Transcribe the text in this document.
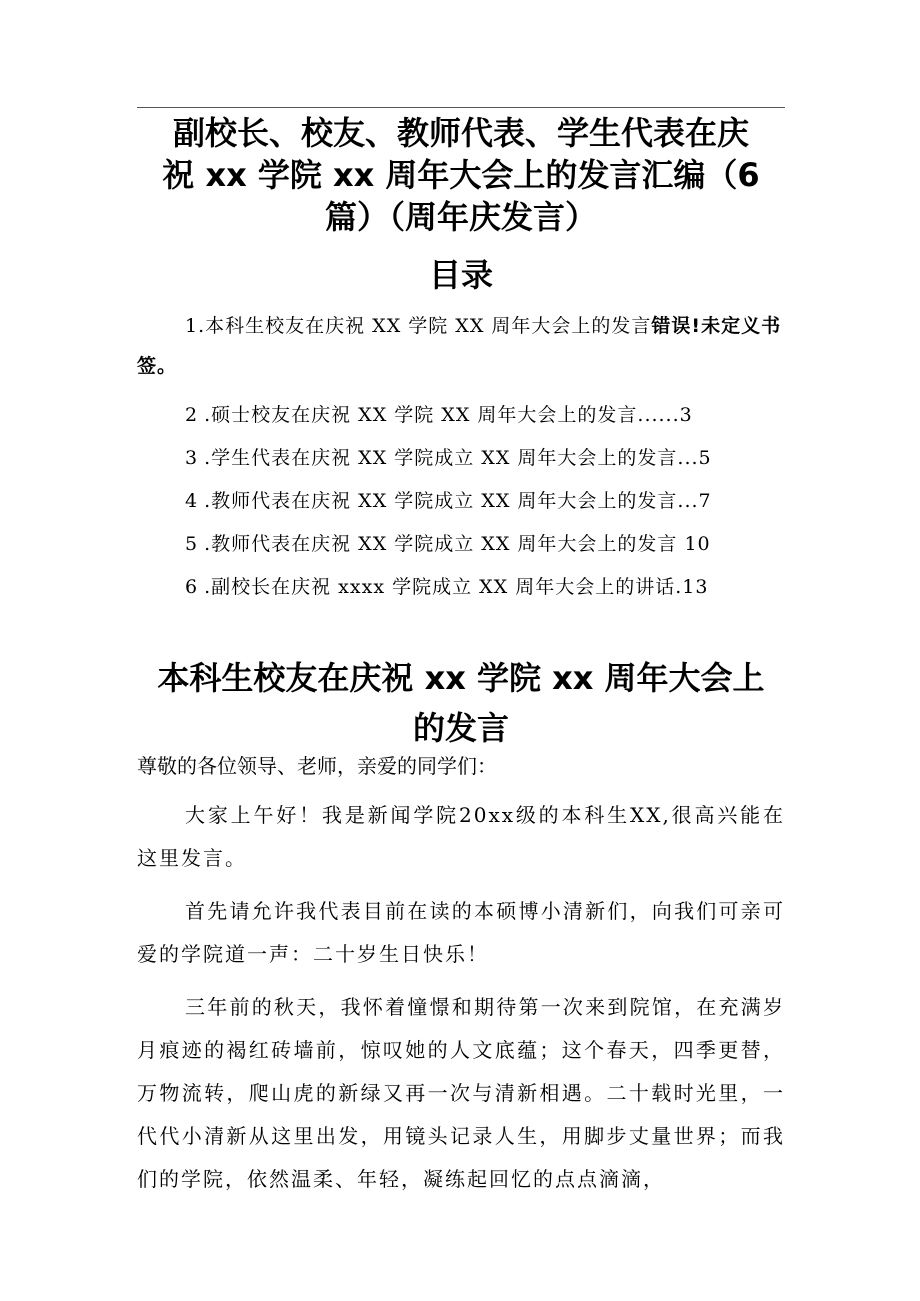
副校长、校友、教师代表、学生代表在庆
祝 xx 学院 xx 周年大会上的发言汇编（6
篇）（周年庆发言）
目录

1.本科生校友在庆祝 XX 学院 XX 周年大会上的发言错误!未定义书签。

2 .硕士校友在庆祝 XX 学院 XX 周年大会上的发言......3
3 .学生代表在庆祝 XX 学院成立 XX 周年大会上的发言...5
4 .教师代表在庆祝 XX 学院成立 XX 周年大会上的发言...7
5 .教师代表在庆祝 XX 学院成立 XX 周年大会上的发言 10
6 .副校长在庆祝 xxxx 学院成立 XX 周年大会上的讲话.13
本科生校友在庆祝 xx 学院 xx 周年大会上
的发言

尊敬的各位领导、老师，亲爱的同学们：

大家上午好！我是新闻学院20xx级的本科生XX,很高兴能在这里发言。

首先请允许我代表目前在读的本硕博小清新们，向我们可亲可爱的学院道一声：二十岁生日快乐！

三年前的秋天，我怀着憧憬和期待第一次来到院馆，在充满岁月痕迹的褐红砖墙前，惊叹她的人文底蕴；这个春天，四季更替，万物流转，爬山虎的新绿又再一次与清新相遇。二十载时光里，一代代小清新从这里出发，用镜头记录人生，用脚步丈量世界；而我们的学院，依然温柔、年轻，凝练起回忆的点点滴滴，
